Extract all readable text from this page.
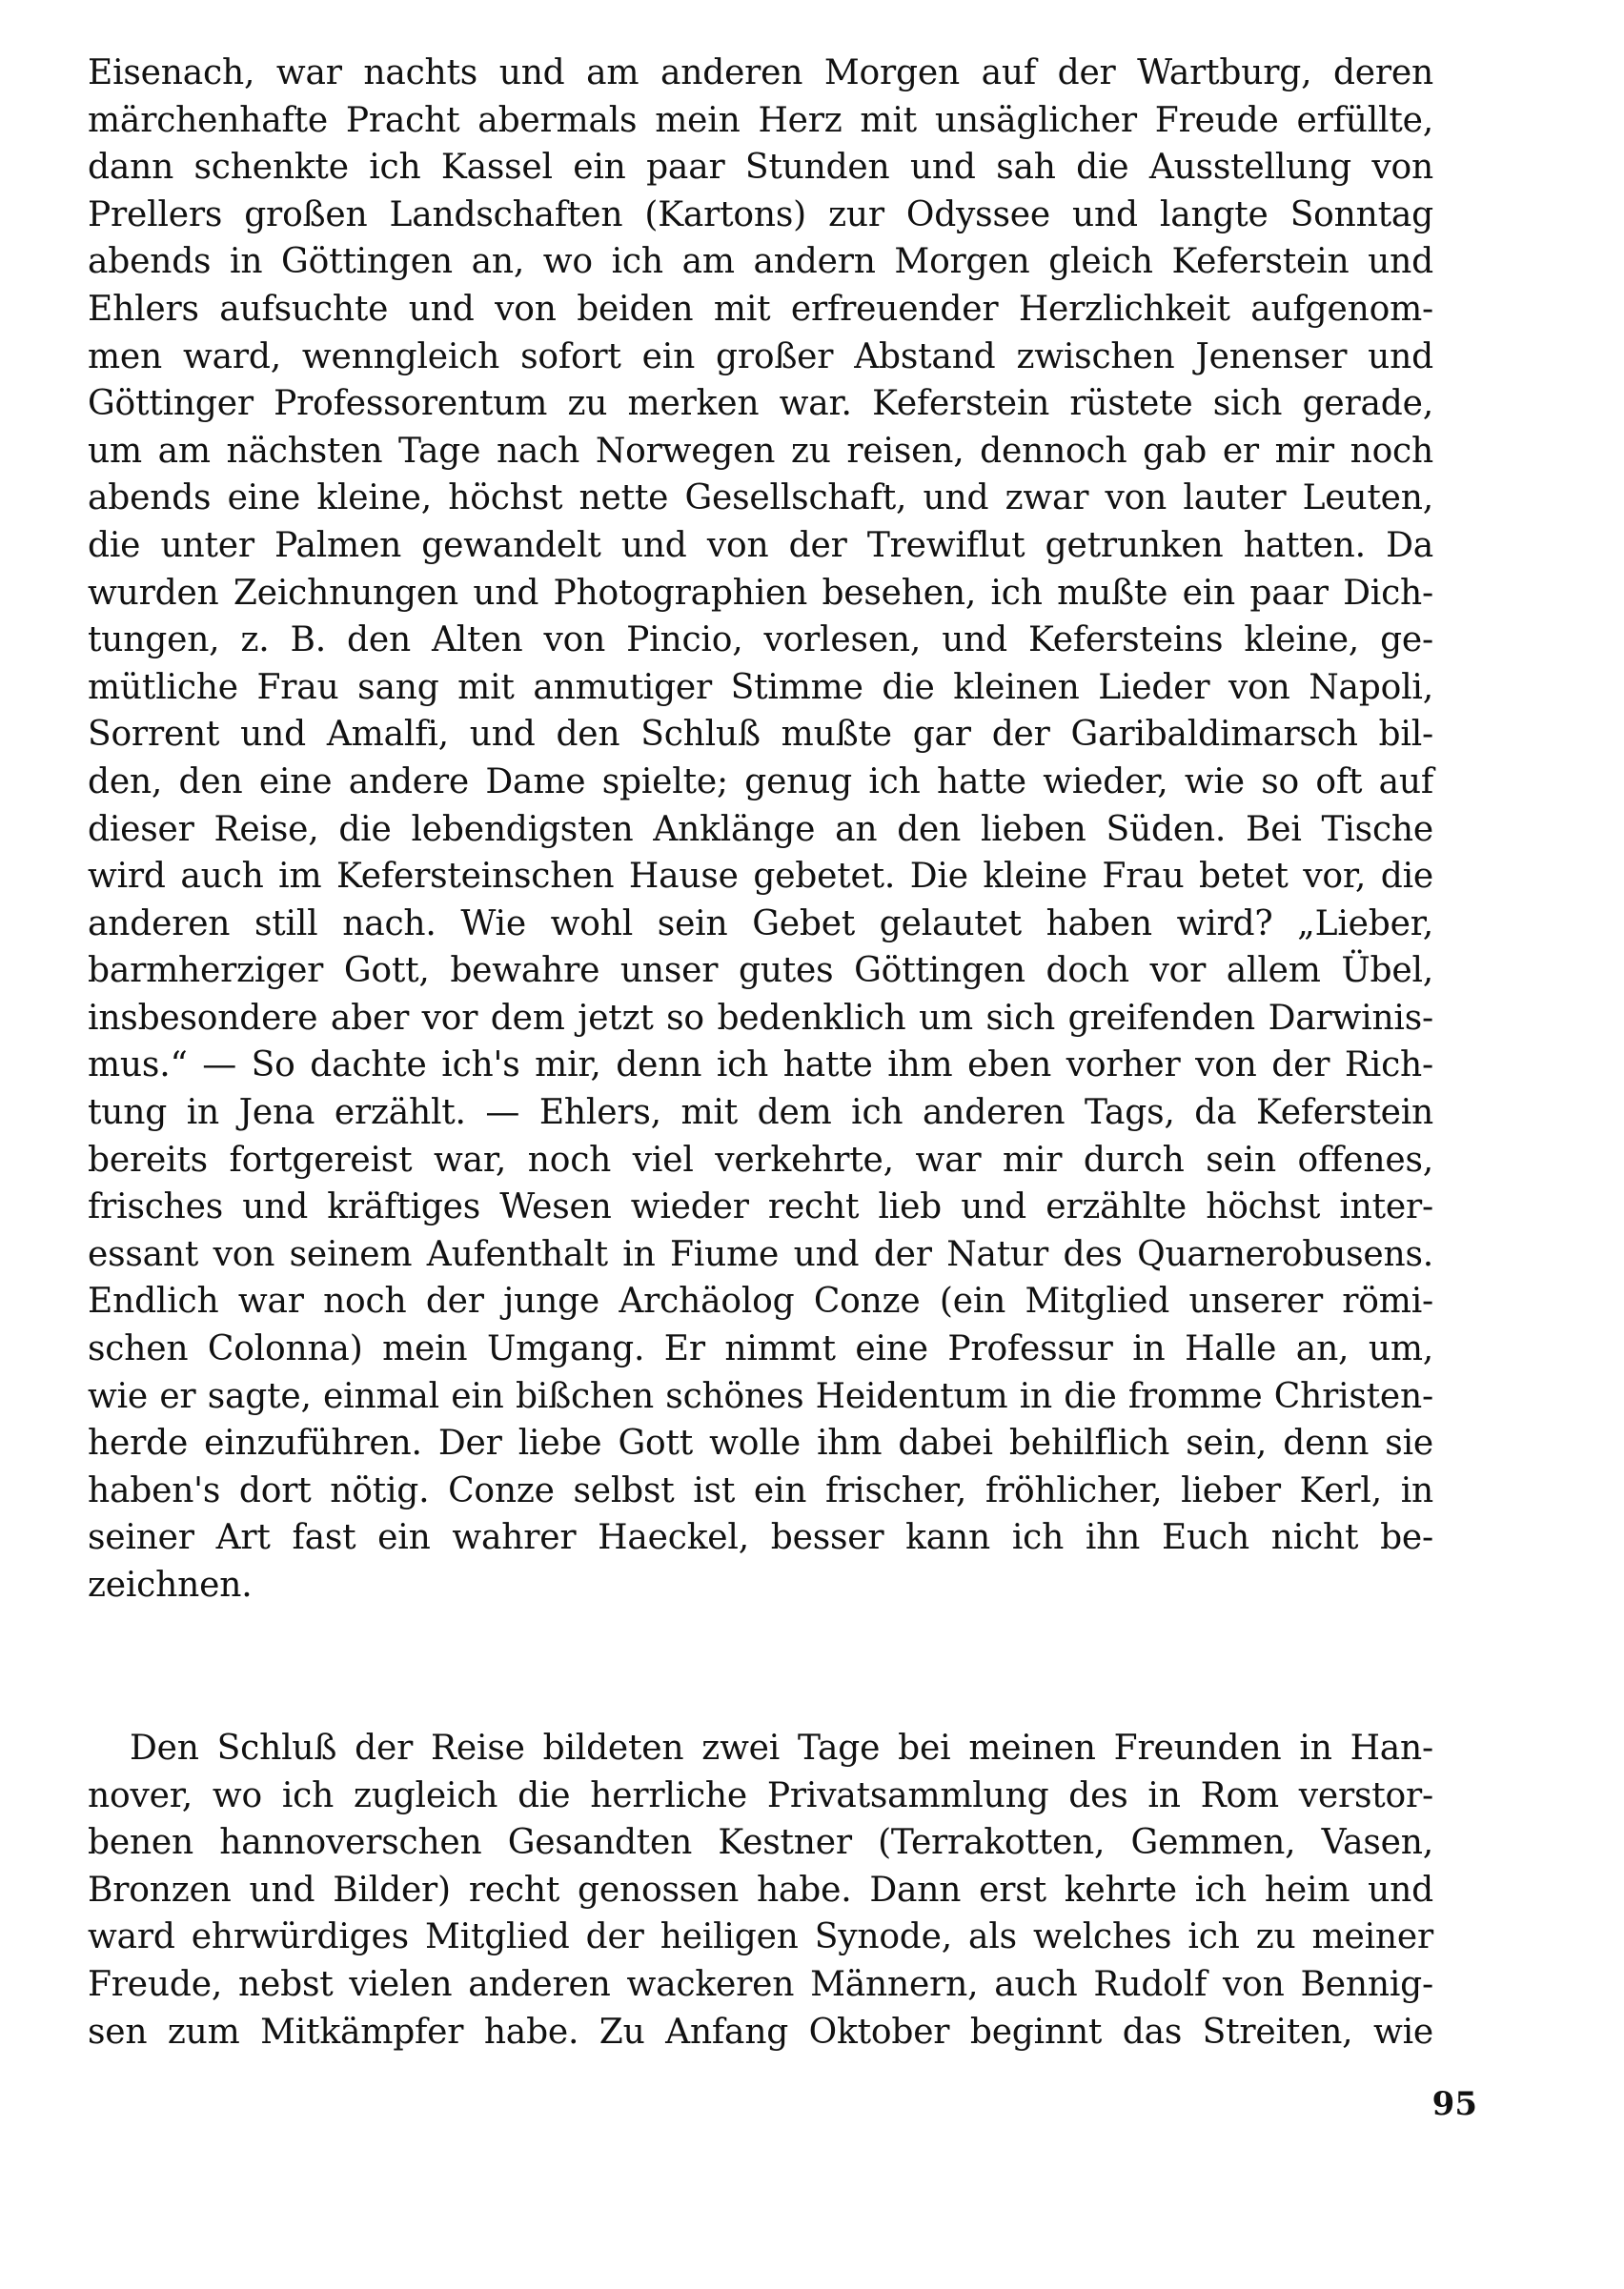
Eisenach, war nachts und am anderen Morgen auf der Wartburg, deren
märchenhafte Pracht abermals mein Herz mit unsäglicher Freude erfüllte,
dann schenkte ich Kassel ein paar Stunden und sah die Ausstellung von
Prellers großen Landschaften (Kartons) zur Odyssee und langte Sonntag
abends in Göttingen an, wo ich am andern Morgen gleich Keferstein und
Ehlers aufsuchte und von beiden mit erfreuender Herzlichkeit aufgenom-
men ward, wenngleich sofort ein großer Abstand zwischen Jenenser und
Göttinger Professorentum zu merken war. Keferstein rüstete sich gerade,
um am nächsten Tage nach Norwegen zu reisen, dennoch gab er mir noch
abends eine kleine, höchst nette Gesellschaft, und zwar von lauter Leuten,
die unter Palmen gewandelt und von der Trewiflut getrunken hatten. Da
wurden Zeichnungen und Photographien besehen, ich mußte ein paar Dich-
tungen, z. B. den Alten von Pincio, vorlesen, und Kefersteins kleine, ge-
mütliche Frau sang mit anmutiger Stimme die kleinen Lieder von Napoli,
Sorrent und Amalfi, und den Schluß mußte gar der Garibaldimarsch bil-
den, den eine andere Dame spielte; genug ich hatte wieder, wie so oft auf
dieser Reise, die lebendigsten Anklänge an den lieben Süden. Bei Tische
wird auch im Kefersteinschen Hause gebetet. Die kleine Frau betet vor, die
anderen still nach. Wie wohl sein Gebet gelautet haben wird? „Lieber,
barmherziger Gott, bewahre unser gutes Göttingen doch vor allem Übel,
insbesondere aber vor dem jetzt so bedenklich um sich greifenden Darwinis-
mus.“ — So dachte ich's mir, denn ich hatte ihm eben vorher von der Rich-
tung in Jena erzählt. — Ehlers, mit dem ich anderen Tags, da Keferstein
bereits fortgereist war, noch viel verkehrte, war mir durch sein offenes,
frisches und kräftiges Wesen wieder recht lieb und erzählte höchst inter-
essant von seinem Aufenthalt in Fiume und der Natur des Quarnerobusens.
Endlich war noch der junge Archäolog Conze (ein Mitglied unserer römi-
schen Colonna) mein Umgang. Er nimmt eine Professur in Halle an, um,
wie er sagte, einmal ein bißchen schönes Heidentum in die fromme Christen-
herde einzuführen. Der liebe Gott wolle ihm dabei behilflich sein, denn sie
haben's dort nötig. Conze selbst ist ein frischer, fröhlicher, lieber Kerl, in
seiner Art fast ein wahrer Haeckel, besser kann ich ihn Euch nicht be-
zeichnen.
Den Schluß der Reise bildeten zwei Tage bei meinen Freunden in Han-
nover, wo ich zugleich die herrliche Privatsammlung des in Rom verstor-
benen hannoverschen Gesandten Kestner (Terrakotten, Gemmen, Vasen,
Bronzen und Bilder) recht genossen habe. Dann erst kehrte ich heim und
ward ehrwürdiges Mitglied der heiligen Synode, als welches ich zu meiner
Freude, nebst vielen anderen wackeren Männern, auch Rudolf von Bennig-
sen zum Mitkämpfer habe. Zu Anfang Oktober beginnt das Streiten, wie
95
